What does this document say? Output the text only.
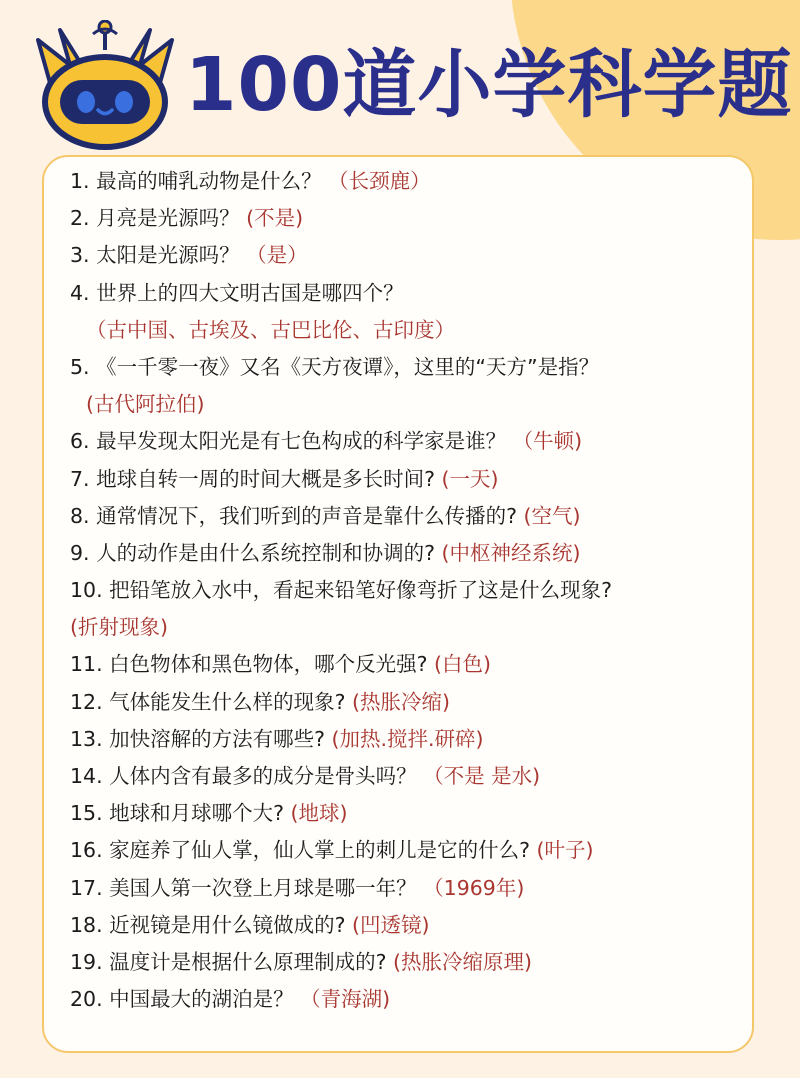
100道小学科学题
1. 最高的哺乳动物是什么？ （长颈鹿）
2. 月亮是光源吗？ (不是)
3. 太阳是光源吗？ （是）
4. 世界上的四大文明古国是哪四个？
（古中国、古埃及、古巴比伦、古印度）
5. 《一千零一夜》又名《天方夜谭》，这里的“天方”是指？
(古代阿拉伯)
6. 最早发现太阳光是有七色构成的科学家是谁？ （牛顿)
7. 地球自转一周的时间大概是多长时间? (一天)
8. 通常情况下，我们听到的声音是靠什么传播的? (空气)
9. 人的动作是由什么系统控制和协调的? (中枢神经系统)
10. 把铅笔放入水中，看起来铅笔好像弯折了这是什么现象?
(折射现象)
11. 白色物体和黑色物体，哪个反光强? (白色)
12. 气体能发生什么样的现象? (热胀冷缩)
13. 加快溶解的方法有哪些? (加热.搅拌.研碎)
14. 人体内含有最多的成分是骨头吗？ （不是 是水)
15. 地球和月球哪个大? (地球)
16. 家庭养了仙人掌，仙人掌上的刺儿是它的什么? (叶子)
17. 美国人第一次登上月球是哪一年？ （1969年)
18. 近视镜是用什么镜做成的? (凹透镜)
19. 温度计是根据什么原理制成的? (热胀冷缩原理)
20. 中国最大的湖泊是？ （青海湖)
